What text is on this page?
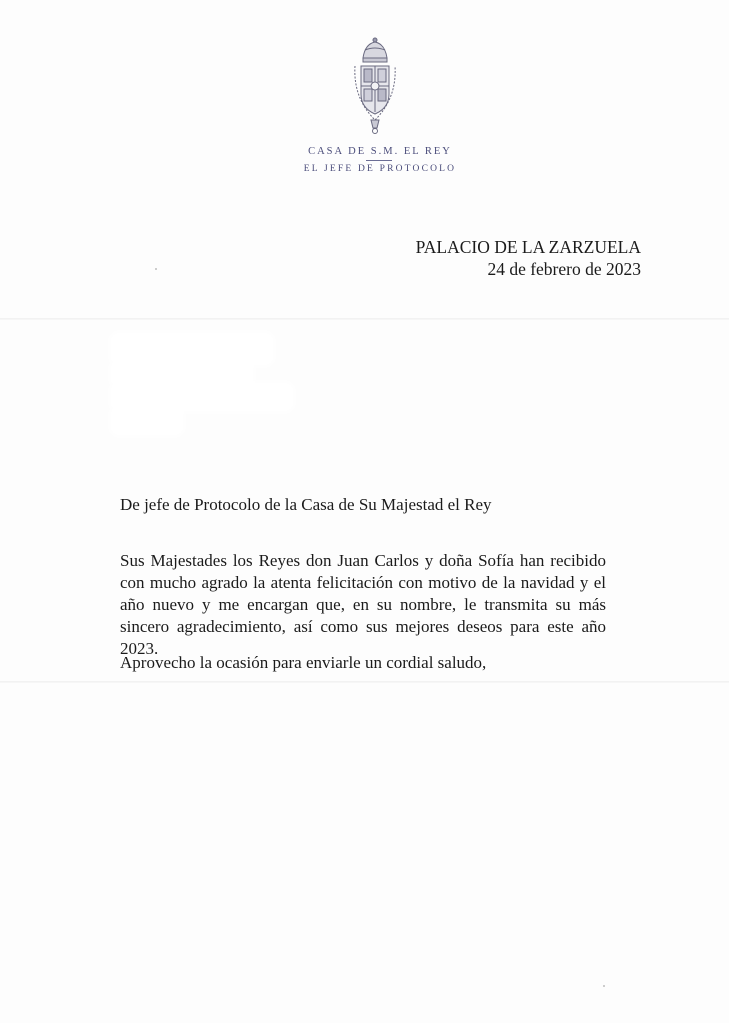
CASA DE S.M. EL REY
EL JEFE DE PROTOCOLO
PALACIO DE LA ZARZUELA
24 de febrero de 2023
De jefe de Protocolo de la Casa de Su Majestad el Rey
Sus Majestades los Reyes don Juan Carlos y doña Sofía han recibido con mucho agrado la atenta felicitación con motivo de la navidad y el año nuevo y me encargan que, en su nombre, le transmita su más sincero agradecimiento, así como sus mejores deseos para este año 2023.
Aprovecho la ocasión para enviarle un cordial saludo,
